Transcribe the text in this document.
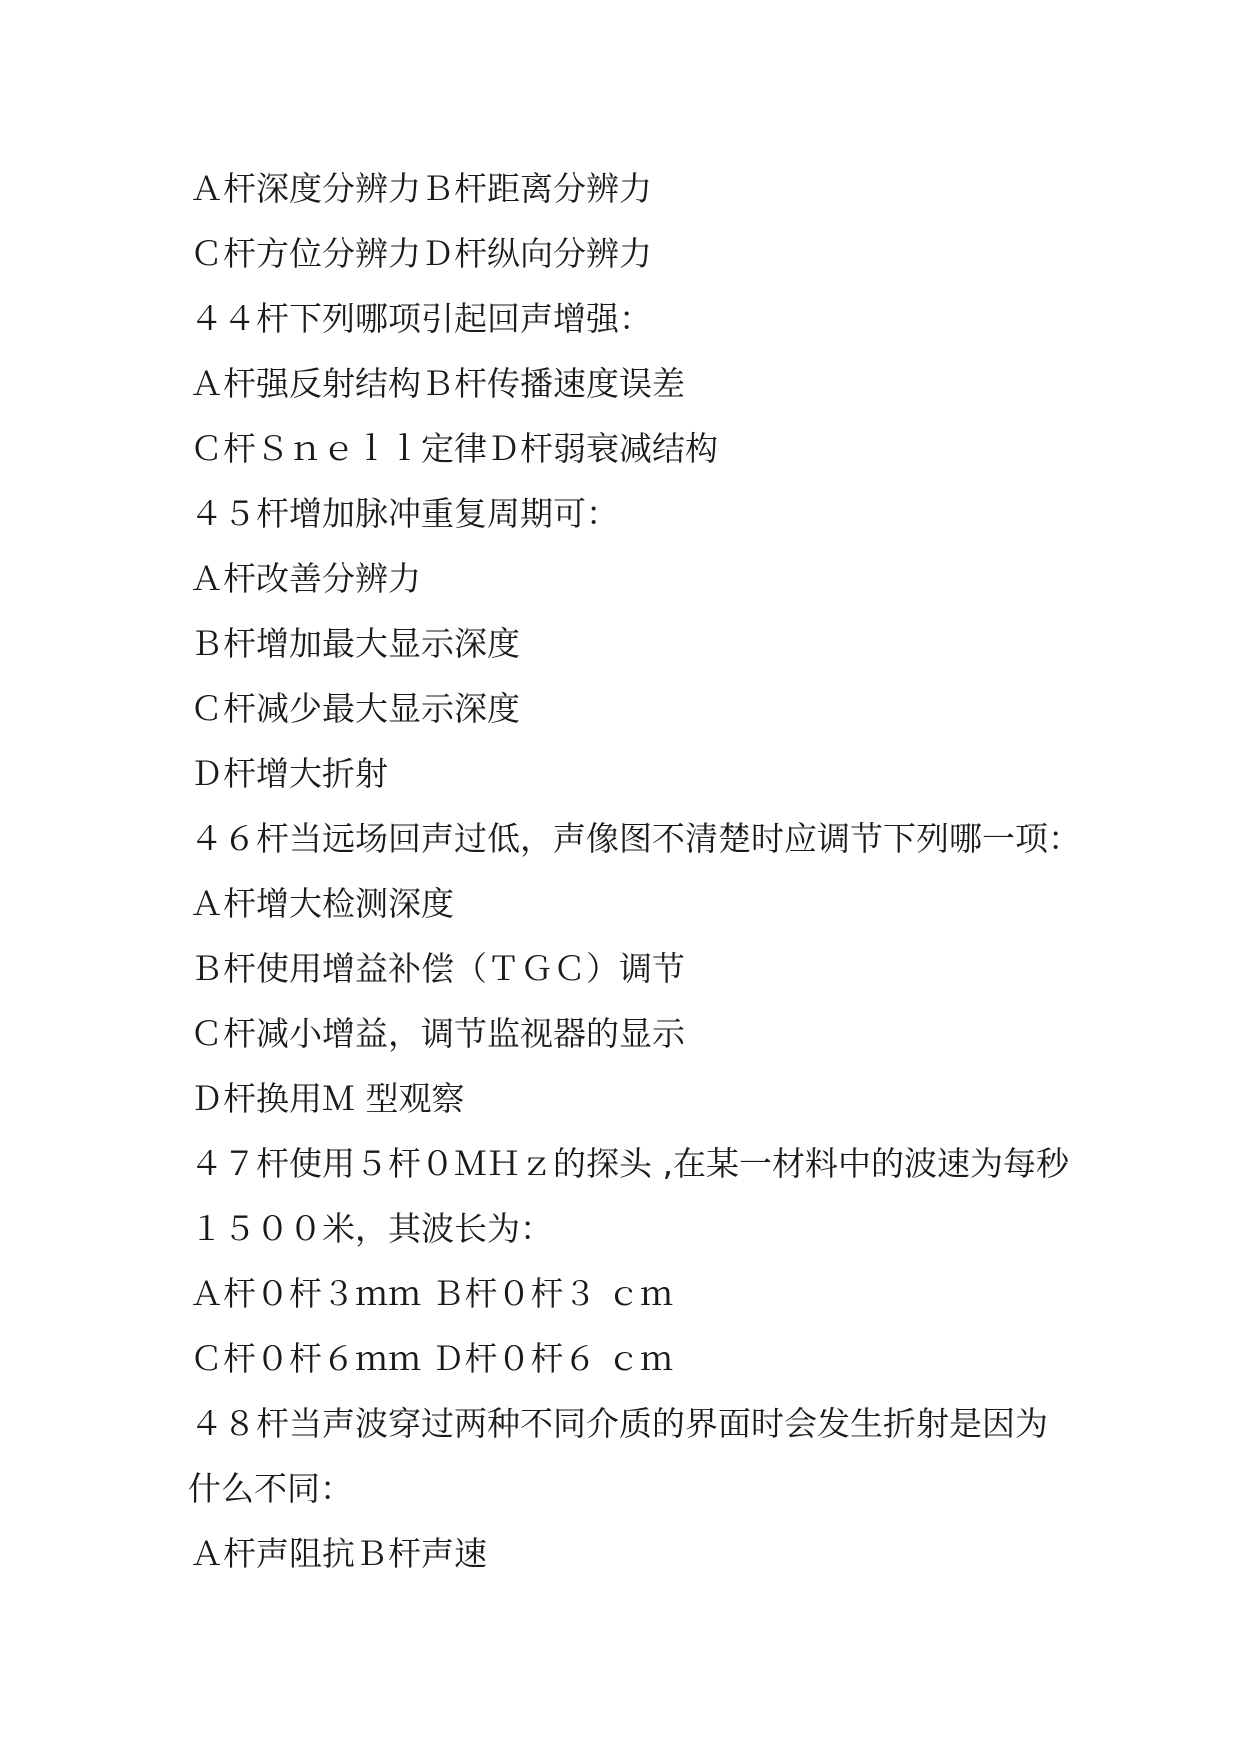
Ａ杆深度分辨力Ｂ杆距离分辨力
Ｃ杆方位分辨力Ｄ杆纵向分辨力
４４杆下列哪项引起回声增强：
Ａ杆强反射结构Ｂ杆传播速度误差
Ｃ杆Ｓｎｅｌｌ定律Ｄ杆弱衰减结构
４５杆增加脉冲重复周期可：
Ａ杆改善分辨力
Ｂ杆增加最大显示深度
Ｃ杆减少最大显示深度
Ｄ杆增大折射
４６杆当远场回声过低，声像图不清楚时应调节下列哪一项：
Ａ杆增大检测深度
Ｂ杆使用增益补偿（ＴＧＣ）调节
Ｃ杆减小增益，调节监视器的显示
Ｄ杆换用Ｍ 型观察
４７杆使用５杆０ＭＨｚ的探头 ,在某一材料中的波速为每秒
１５００米，其波长为：
Ａ杆０杆３ｍｍ Ｂ杆０杆３ ｃｍ
Ｃ杆０杆６ｍｍ Ｄ杆０杆６ ｃｍ
４８杆当声波穿过两种不同介质的界面时会发生折射是因为
什么不同：
Ａ杆声阻抗Ｂ杆声速
